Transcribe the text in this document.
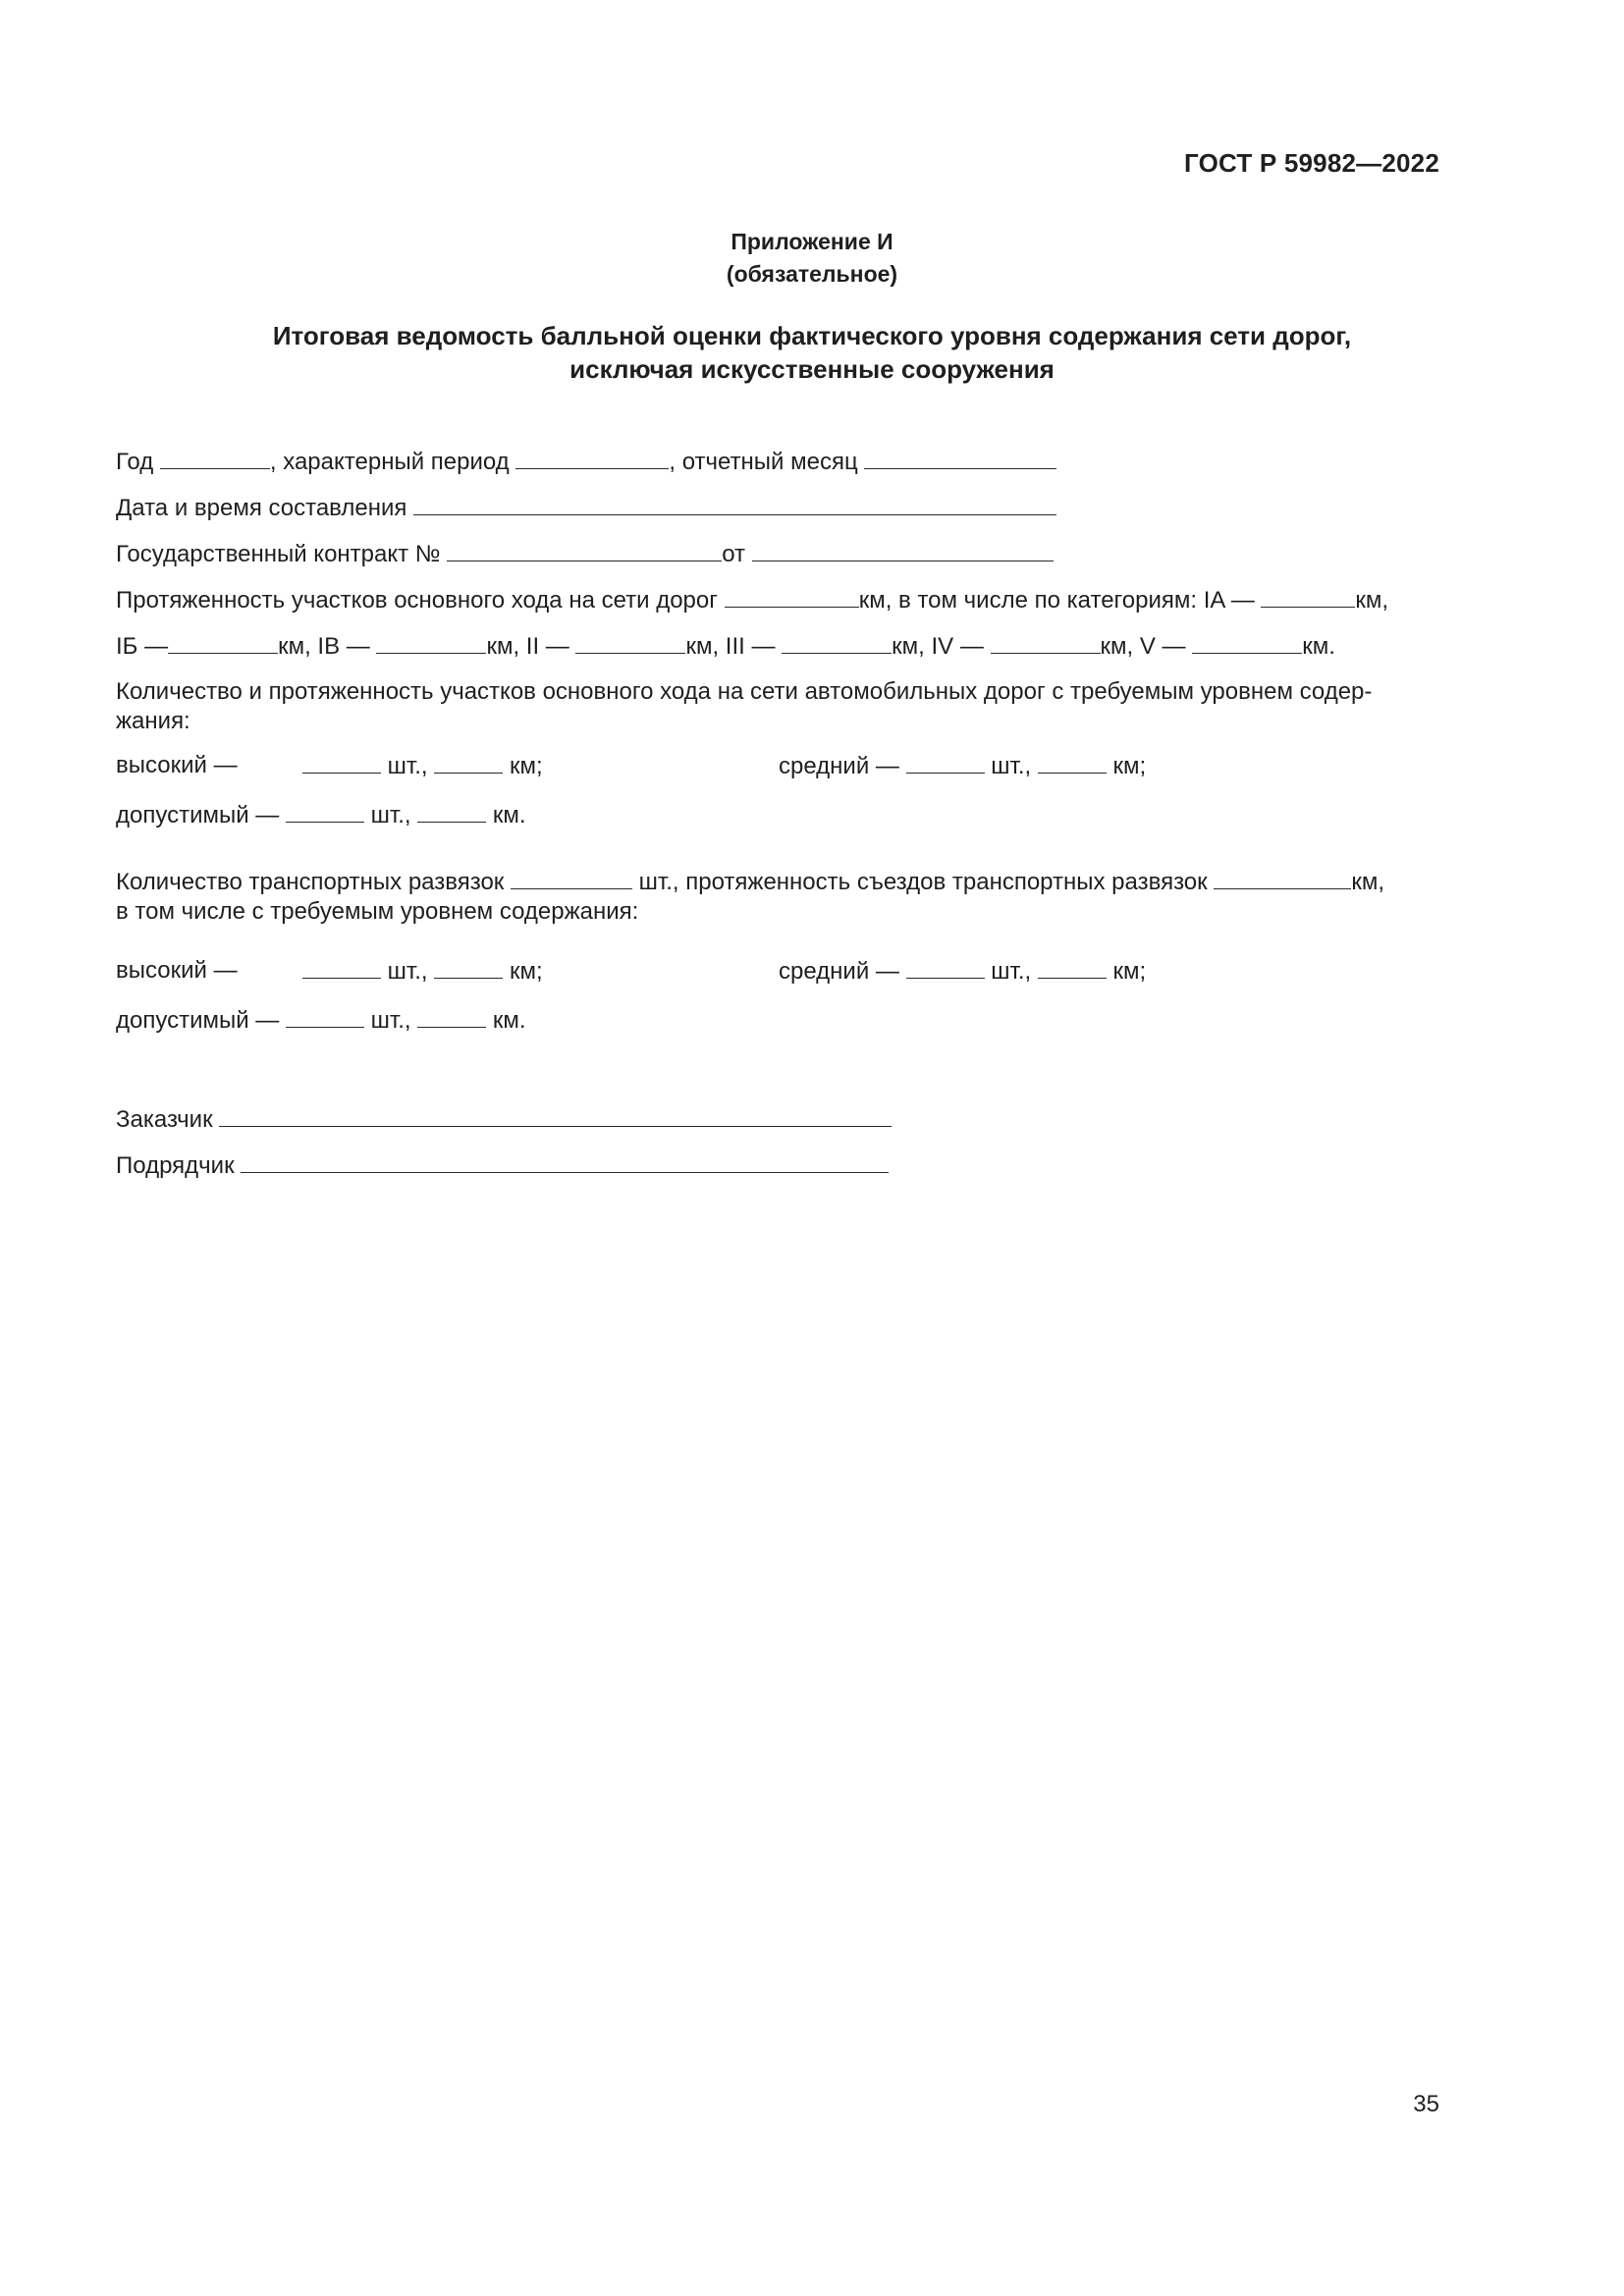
ГОСТ Р 59982—2022
Приложение И
(обязательное)
Итоговая ведомость балльной оценки фактического уровня содержания сети дорог,
исключая искусственные сооружения
Год	, характерный период	, отчетный месяц
Дата и время составления
Государственный контракт №	от
Протяженность участков основного хода на сети дорог	км, в том числе по категориям: IA —	км,
IБ —	км, IВ —	км, II —	км, III —	км, IV —	км, V —	км.
Количество и протяженность участков основного хода на сети автомобильных дорог с требуемым уровнем содер-жания:
высокий —	шт.,	км;	средний —	шт.,	км;
допустимый —	шт.,	км.
Количество транспортных развязок	шт., протяженность съездов транспортных развязок	км,
в том числе с требуемым уровнем содержания:
высокий —	шт.,	км;	средний —	шт.,	км;
допустимый —	шт.,	км.
Заказчик
Подрядчик
35
